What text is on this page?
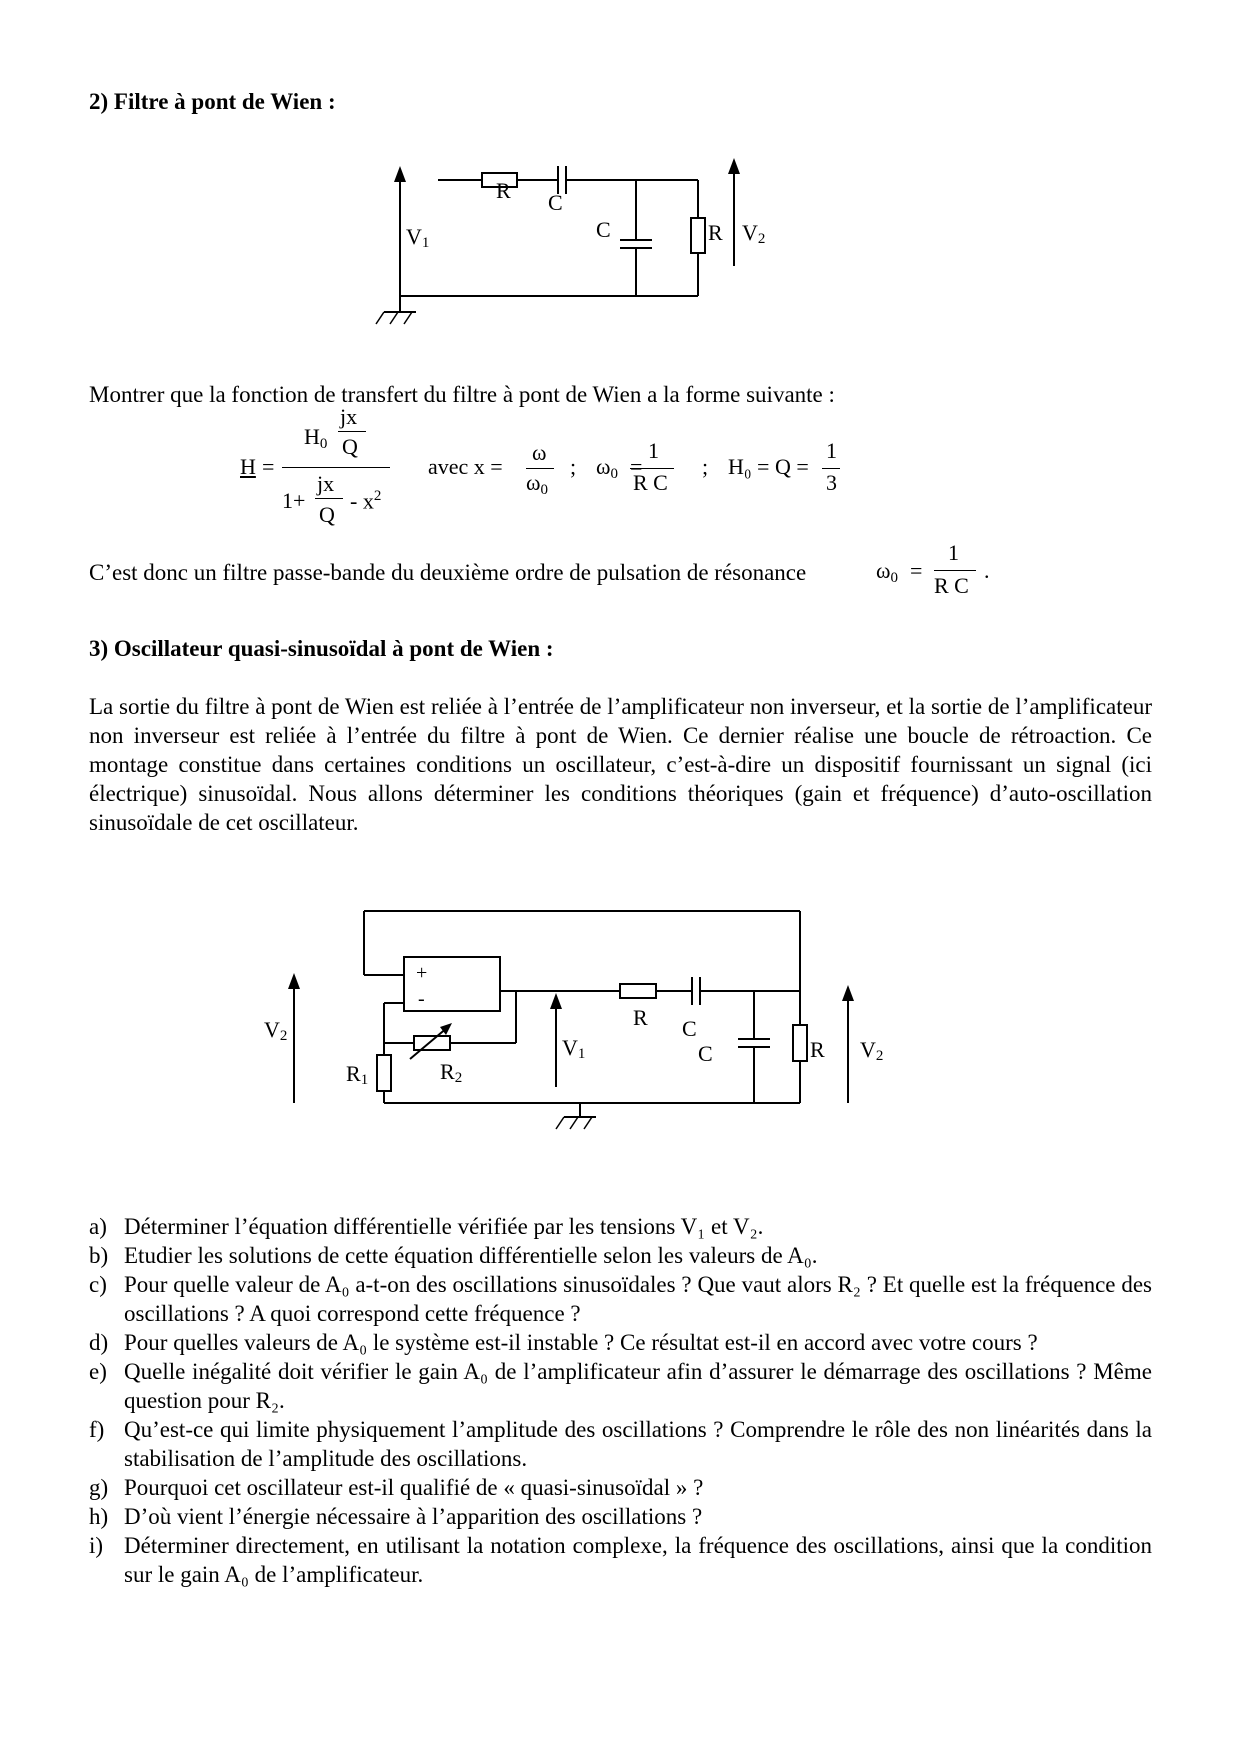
2) Filtre à pont de Wien :
R C
C	R
V1	V2
Montrer que la fonction de transfert du filtre à pont de Wien a la forme suivante :
H =
$H_0$
jx
Q
1+
jx
Q
- $x^2$
avec x =
ω
$\omega_0$
; $\omega_0$ =
1
R C
; H₀ = Q =
1
3
C’est donc un filtre passe-bande du deuxième ordre de pulsation de résonance	$\omega_0$ =
1
R C
.
3) Oscillateur quasi-sinusoïdal à pont de Wien :
La sortie du filtre à pont de Wien est reliée à l’entrée de l’amplificateur non inverseur, et la sortie de l’amplificateur non inverseur est reliée à l’entrée du filtre à pont de Wien. Ce dernier réalise une boucle de rétroaction. Ce montage constitue dans certaines conditions un oscillateur, c’est-à-dire un dispositif fournissant un signal (ici électrique) sinusoïdal. Nous allons déterminer les conditions théoriques (gain et fréquence) d’auto-oscillation sinusoïdale de cet oscillateur.
+
-
V2
R1	R2
V1
R C
C	R V2
a) Déterminer l’équation différentielle vérifiée par les tensions V₁ et V₂.
b) Etudier les solutions de cette équation différentielle selon les valeurs de A₀.
c) Pour quelle valeur de A₀ a-t-on des oscillations sinusoïdales ? Que vaut alors R₂ ? Et quelle est la fréquence des oscillations ? A quoi correspond cette fréquence ?
d) Pour quelles valeurs de A₀ le système est-il instable ? Ce résultat est-il en accord avec votre cours ?
e) Quelle inégalité doit vérifier le gain A₀ de l’amplificateur afin d’assurer le démarrage des oscillations ? Même question pour R₂.
f) Qu’est-ce qui limite physiquement l’amplitude des oscillations ? Comprendre le rôle des non linéarités dans la stabilisation de l’amplitude des oscillations.
g) Pourquoi cet oscillateur est-il qualifié de « quasi-sinusoïdal » ?
h) D’où vient l’énergie nécessaire à l’apparition des oscillations ?
i) Déterminer directement, en utilisant la notation complexe, la fréquence des oscillations, ainsi que la condition sur le gain A₀ de l’amplificateur.
